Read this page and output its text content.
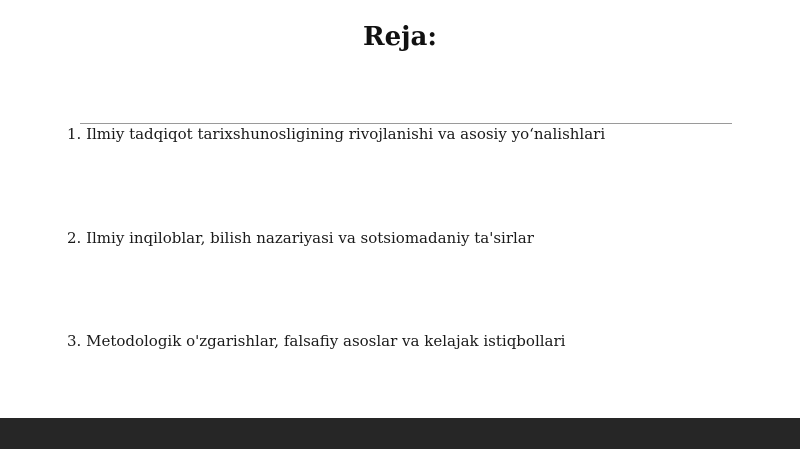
Reja:
1. Ilmiy tadqiqot tarixshunosligining rivojlanishi va asosiy yo‘nalishlari
2. Ilmiy inqiloblar, bilish nazariyasi va sotsiomadaniy ta'sirlar
3. Metodologik o'zgarishlar, falsafiy asoslar va kelajak istiqbollari
